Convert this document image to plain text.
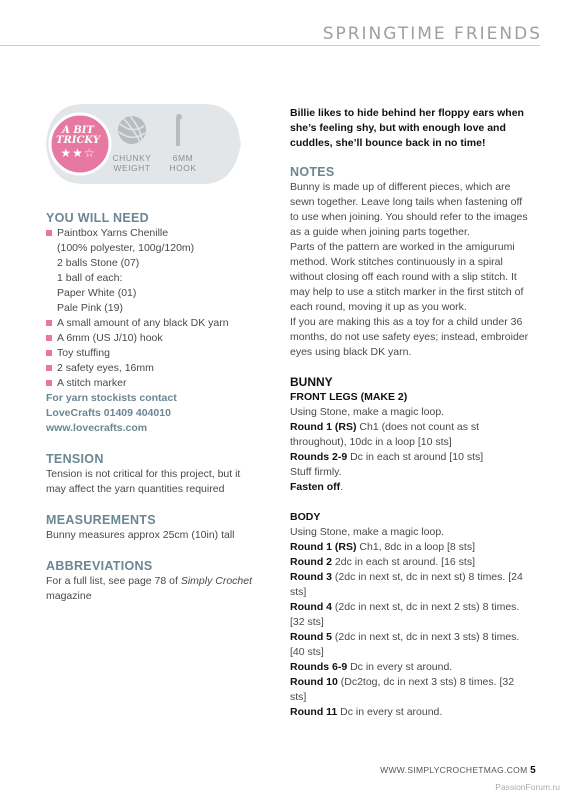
SPRINGTIME FRIENDS
A BIT TRICKY
★★☆	CHUNKY
WEIGHT
6MM
HOOK
YOU WILL NEED
Paintbox Yarns Chenille
(100% polyester, 100g/120m)
2 balls Stone (07)
1 ball of each:
Paper White (01)
Pale Pink (19)
A small amount of any black DK yarn
A 6mm (US J/10) hook
Toy stuffing
2 safety eyes, 16mm
A stitch marker
For yarn stockists contact
LoveCrafts 01409 404010
www.lovecrafts.com
TENSION

Tension is not critical for this project, but it may affect the yarn quantities required

MEASUREMENTS

Bunny measures approx 25cm (10in) tall

ABBREVIATIONS

For a full list, see page 78 of Simply Crochet magazine

Billie likes to hide behind her floppy ears when she’s feeling shy, but with enough love and cuddles, she’ll bounce back in no time!

NOTES

Bunny is made up of different pieces, which are sewn together. Leave long tails when fastening off to use when joining. You should refer to the images as a guide when joining parts together.

Parts of the pattern are worked in the amigurumi method. Work stitches continuously in a spiral without closing off each round with a slip stitch. It may help to use a stitch marker in the first stitch of each round, moving it up as you work.

If you are making this as a toy for a child under 36 months, do not use safety eyes; instead, embroider eyes using black DK yarn.

BUNNY
FRONT LEGS (MAKE 2)

Using Stone, make a magic loop.

Round 1 (RS) Ch1 (does not count as st throughout), 10dc in a loop [10 sts]

Rounds 2-9 Dc in each st around [10 sts]

Stuff firmly.

Fasten off.

BODY

Using Stone, make a magic loop.

Round 1 (RS) Ch1, 8dc in a loop [8 sts]

Round 2 2dc in each st around. [16 sts]

Round 3 (2dc in next st, dc in next st) 8 times. [24 sts]

Round 4 (2dc in next st, dc in next 2 sts) 8 times. [32 sts]

Round 5 (2dc in next st, dc in next 3 sts) 8 times. [40 sts]

Rounds 6-9 Dc in every st around.

Round 10 (Dc2tog, dc in next 3 sts) 8 times. [32 sts]

Round 11 Dc in every st around.

WWW.SIMPLYCROCHETMAG.COM 5
PassionForum.ru
